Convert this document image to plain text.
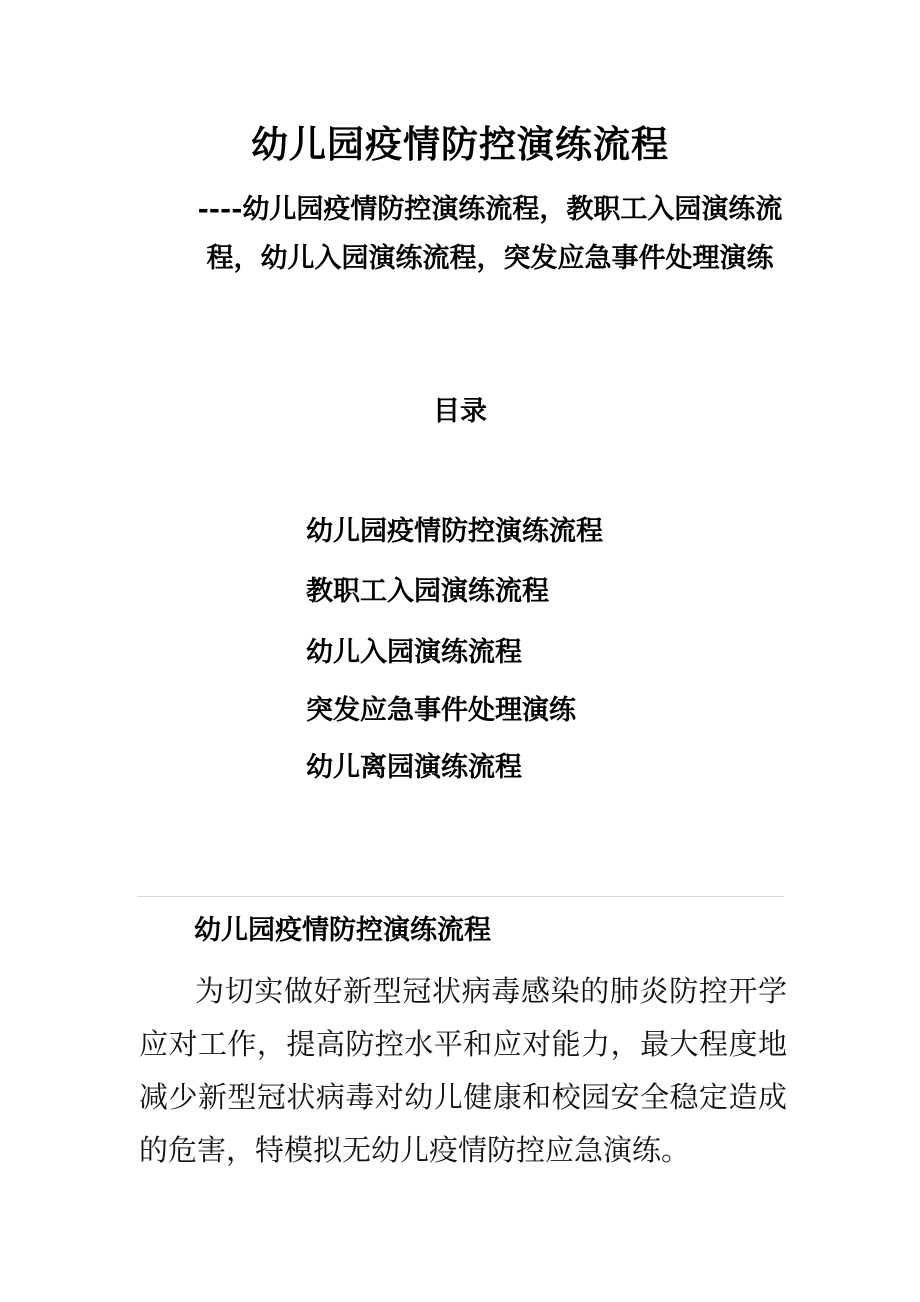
幼儿园疫情防控演练流程
----幼儿园疫情防控演练流程，教职工入园演练流程，幼儿入园演练流程，突发应急事件处理演练
目录
幼儿园疫情防控演练流程
教职工入园演练流程
幼儿入园演练流程
突发应急事件处理演练
幼儿离园演练流程
幼儿园疫情防控演练流程

为切实做好新型冠状病毒感染的肺炎防控开学应对工作，提高防控水平和应对能力，最大程度地减少新型冠状病毒对幼儿健康和校园安全稳定造成的危害，特模拟无幼儿疫情防控应急演练。
